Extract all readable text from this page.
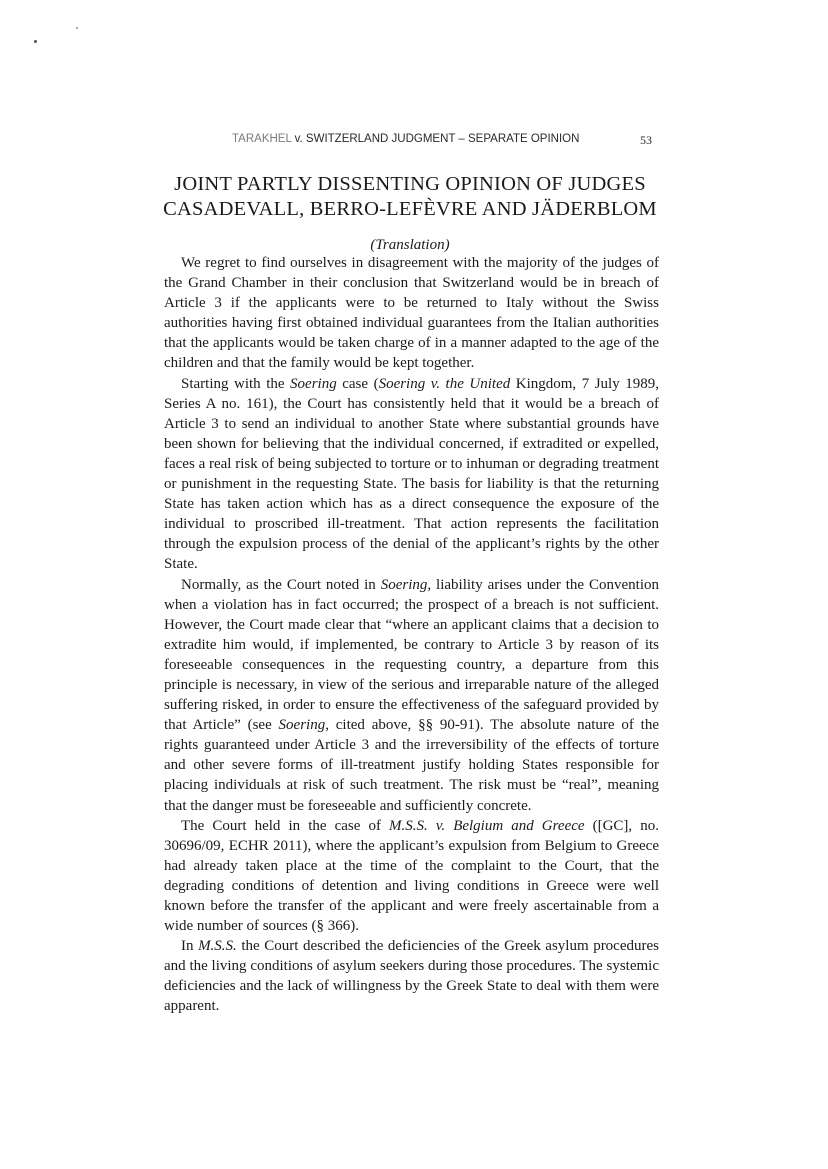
TARAKHEL v. SWITZERLAND JUDGMENT – SEPARATE OPINION	53
JOINT PARTLY DISSENTING OPINION OF JUDGES
CASADEVALL, BERRO-LEFÈVRE AND JÄDERBLOM
(Translation)

We regret to find ourselves in disagreement with the majority of the judges of the Grand Chamber in their conclusion that Switzerland would be in breach of Article 3 if the applicants were to be returned to Italy without the Swiss authorities having first obtained individual guarantees from the Italian authorities that the applicants would be taken charge of in a manner adapted to the age of the children and that the family would be kept together.

Starting with the Soering case (Soering v. the United Kingdom, 7 July 1989, Series A no. 161), the Court has consistently held that it would be a breach of Article 3 to send an individual to another State where substantial grounds have been shown for believing that the individual concerned, if extradited or expelled, faces a real risk of being subjected to torture or to inhuman or degrading treatment or punishment in the requesting State. The basis for liability is that the returning State has taken action which has as a direct consequence the exposure of the individual to proscribed ill-treatment. That action represents the facilitation through the expulsion process of the denial of the applicant’s rights by the other State.

Normally, as the Court noted in Soering, liability arises under the Convention when a violation has in fact occurred; the prospect of a breach is not sufficient. However, the Court made clear that “where an applicant claims that a decision to extradite him would, if implemented, be contrary to Article 3 by reason of its foreseeable consequences in the requesting country, a departure from this principle is necessary, in view of the serious and irreparable nature of the alleged suffering risked, in order to ensure the effectiveness of the safeguard provided by that Article” (see Soering, cited above, §§ 90-91). The absolute nature of the rights guaranteed under Article 3 and the irreversibility of the effects of torture and other severe forms of ill-treatment justify holding States responsible for placing individuals at risk of such treatment. The risk must be “real”, meaning that the danger must be foreseeable and sufficiently concrete.

The Court held in the case of M.S.S. v. Belgium and Greece ([GC], no. 30696/09, ECHR 2011), where the applicant’s expulsion from Belgium to Greece had already taken place at the time of the complaint to the Court, that the degrading conditions of detention and living conditions in Greece were well known before the transfer of the applicant and were freely ascertainable from a wide number of sources (§ 366).

In M.S.S. the Court described the deficiencies of the Greek asylum procedures and the living conditions of asylum seekers during those procedures. The systemic deficiencies and the lack of willingness by the Greek State to deal with them were apparent.
